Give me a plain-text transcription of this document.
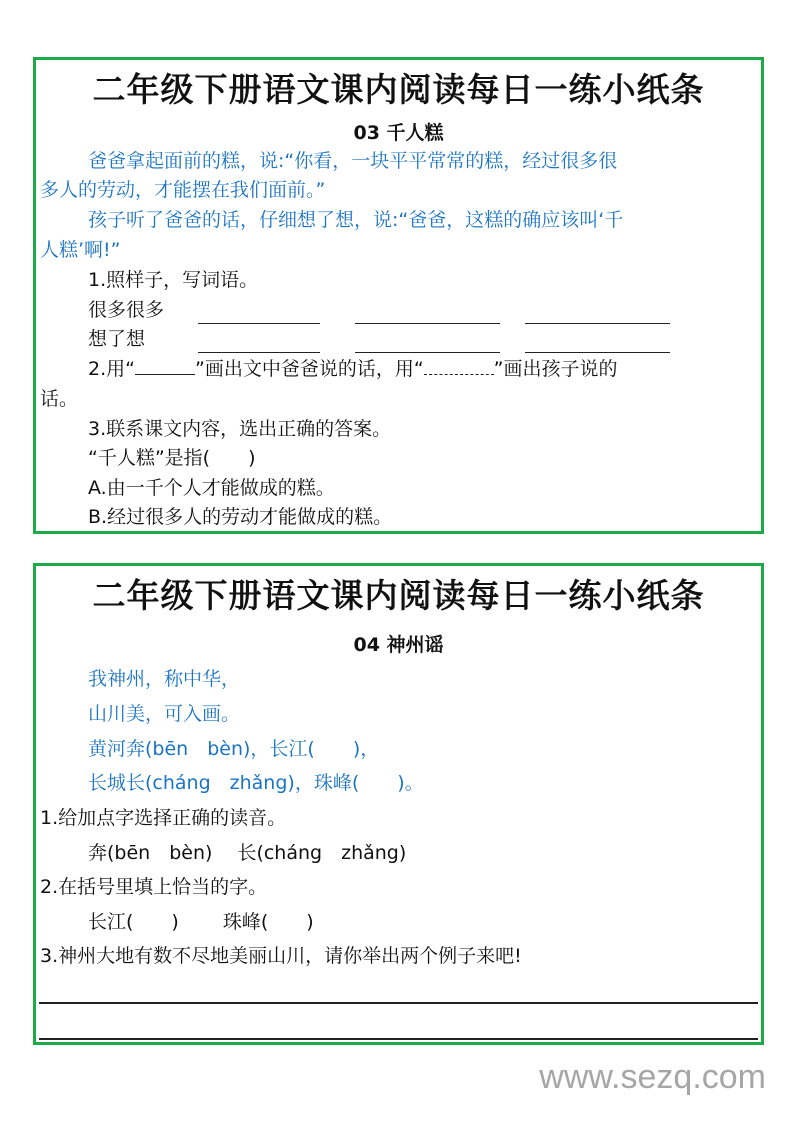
二年级下册语文课内阅读每日一练小纸条
03 千人糕
爸爸拿起面前的糕，说:“你看，一块平平常常的糕，经过很多很
多人的劳动，才能摆在我们面前。”
孩子听了爸爸的话，仔细想了想，说:“爸爸，这糕的确应该叫‘千
人糕’啊!”
1.照样子，写词语。
很多很多
想了想
2.用“	”画出文中爸爸说的话，用“	”画出孩子说的
话。
3.联系课文内容，选出正确的答案。
“千人糕”是指(　　)
A.由一千个人才能做成的糕。
B.经过很多人的劳动才能做成的糕。
二年级下册语文课内阅读每日一练小纸条
04 神州谣
我神州，称中华，
山川美，可入画。
黄河奔(bēn　bèn)，长江(　　)，
长城长(cháng　zhǎng)，珠峰(　　)。
1.给加点字选择正确的读音。
奔(bēn　bèn)　 长(cháng　zhǎng)
2.在括号里填上恰当的字。
长江(　　)　　 珠峰(　　)
3.神州大地有数不尽地美丽山川，请你举出两个例子来吧!
www.sezq.com
